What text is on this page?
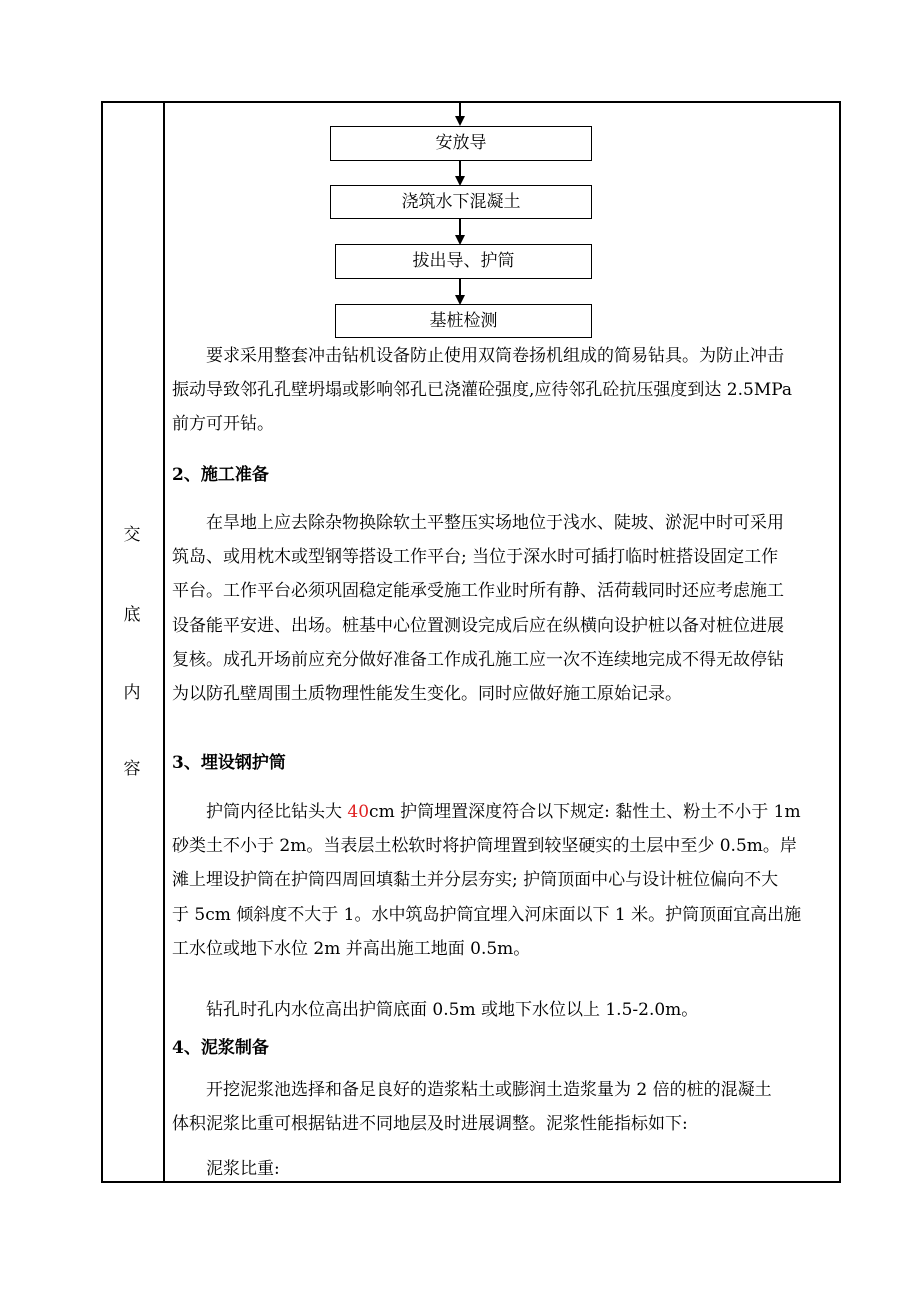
交
底
内
容
安放导
浇筑水下混凝土
拔出导、护筒
基桩检测
要求采用整套冲击钻机设备防止使用双筒卷扬机组成的简易钻具。为防止冲击
振动导致邻孔孔壁坍塌或影响邻孔已浇灌砼强度,应待邻孔砼抗压强度到达 2.5MPa
前方可开钻。
2、施工准备
在旱地上应去除杂物换除软土平整压实场地位于浅水、陡坡、淤泥中时可采用
筑岛、或用枕木或型钢等搭设工作平台; 当位于深水时可插打临时桩搭设固定工作
平台。工作平台必须巩固稳定能承受施工作业时所有静、活荷载同时还应考虑施工
设备能平安进、出场。桩基中心位置测设完成后应在纵横向设护桩以备对桩位进展
复核。成孔开场前应充分做好准备工作成孔施工应一次不连续地完成不得无故停钻
为以防孔壁周围土质物理性能发生变化。同时应做好施工原始记录。
3、埋设钢护筒
护筒内径比钻头大 40cm 护筒埋置深度符合以下规定: 黏性土、粉土不小于 1m
砂类土不小于 2m。当表层土松软时将护筒埋置到较坚硬实的土层中至少 0.5m。岸
滩上埋设护筒在护筒四周回填黏土并分层夯实; 护筒顶面中心与设计桩位偏向不大
于 5cm 倾斜度不大于 1。水中筑岛护筒宜埋入河床面以下 1 米。护筒顶面宜高出施
工水位或地下水位 2m 并高出施工地面 0.5m。
钻孔时孔内水位高出护筒底面 0.5m 或地下水位以上 1.5-2.0m。
4、泥浆制备
开挖泥浆池选择和备足良好的造浆粘土或膨润土造浆量为 2 倍的桩的混凝土
体积泥浆比重可根据钻进不同地层及时进展调整。泥浆性能指标如下:
泥浆比重:
